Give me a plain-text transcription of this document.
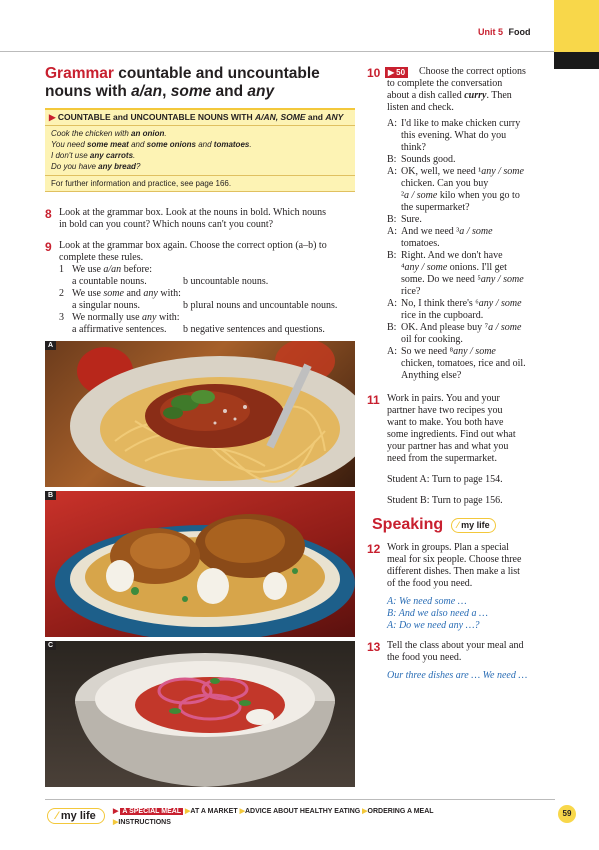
Unit 5 Food
Grammar countable and uncountable
nouns with a/an, some and any
▶ COUNTABLE and UNCOUNTABLE NOUNS WITH A/AN, SOME and ANY
Cook the chicken with an onion.
You need some meat and some onions and tomatoes.
I don't use any carrots.
Do you have any bread?
For further information and practice, see page 166.
8 Look at the grammar box. Look at the nouns in bold. Which nouns

in bold can you count? Which nouns can't you count?

9 Look at the grammar box again. Choose the correct option (a–b) to

complete these rules.

1 We use a/an before:
a countable nouns.	b uncountable nouns.
2 We use some and any with:
a singular nouns.	b plural nouns and uncountable nouns.
3 We normally use any with:
a affirmative sentences.	b negative sentences and questions.
A
B
C
10 ▶ 50	Choose the correct options

to complete the conversation

about a dish called curry. Then

listen and check.

A: I'd like to make chicken curry
this evening. What do you
think?
B: Sounds good.
A: OK, well, we need ¹any / some
chicken. Can you buy
²a / some kilo when you go to
the supermarket?
B: Sure.
A: And we need ³a / some
tomatoes.
B: Right. And we don't have
⁴any / some onions. I'll get
some. Do we need ⁵any / some
rice?
A: No, I think there's ⁶any / some
rice in the cupboard.
B: OK. And please buy ⁷a / some
oil for cooking.
A: So we need ⁸any / some
chicken, tomatoes, rice and oil.
Anything else?
11 Work in pairs. You and your

partner have two recipes you

want to make. You both have

some ingredients. Find out what

your partner has and what you

need from the supermarket.

Student A: Turn to page 154.

Student B: Turn to page 156.

Speaking	⁄ my life
12 Work in groups. Plan a special

meal for six people. Choose three

different dishes. Then make a list

of the food you need.

A: We need some …

B: And we also need a …

A: Do we need any …?

13 Tell the class about your meal and

the food you need.

Our three dishes are … We need …

⁄ my life	▶ A SPECIAL MEAL ▶AT A MARKET ▶ADVICE ABOUT HEALTHY EATING ▶ORDERING A MEAL
▶INSTRUCTIONS
59
